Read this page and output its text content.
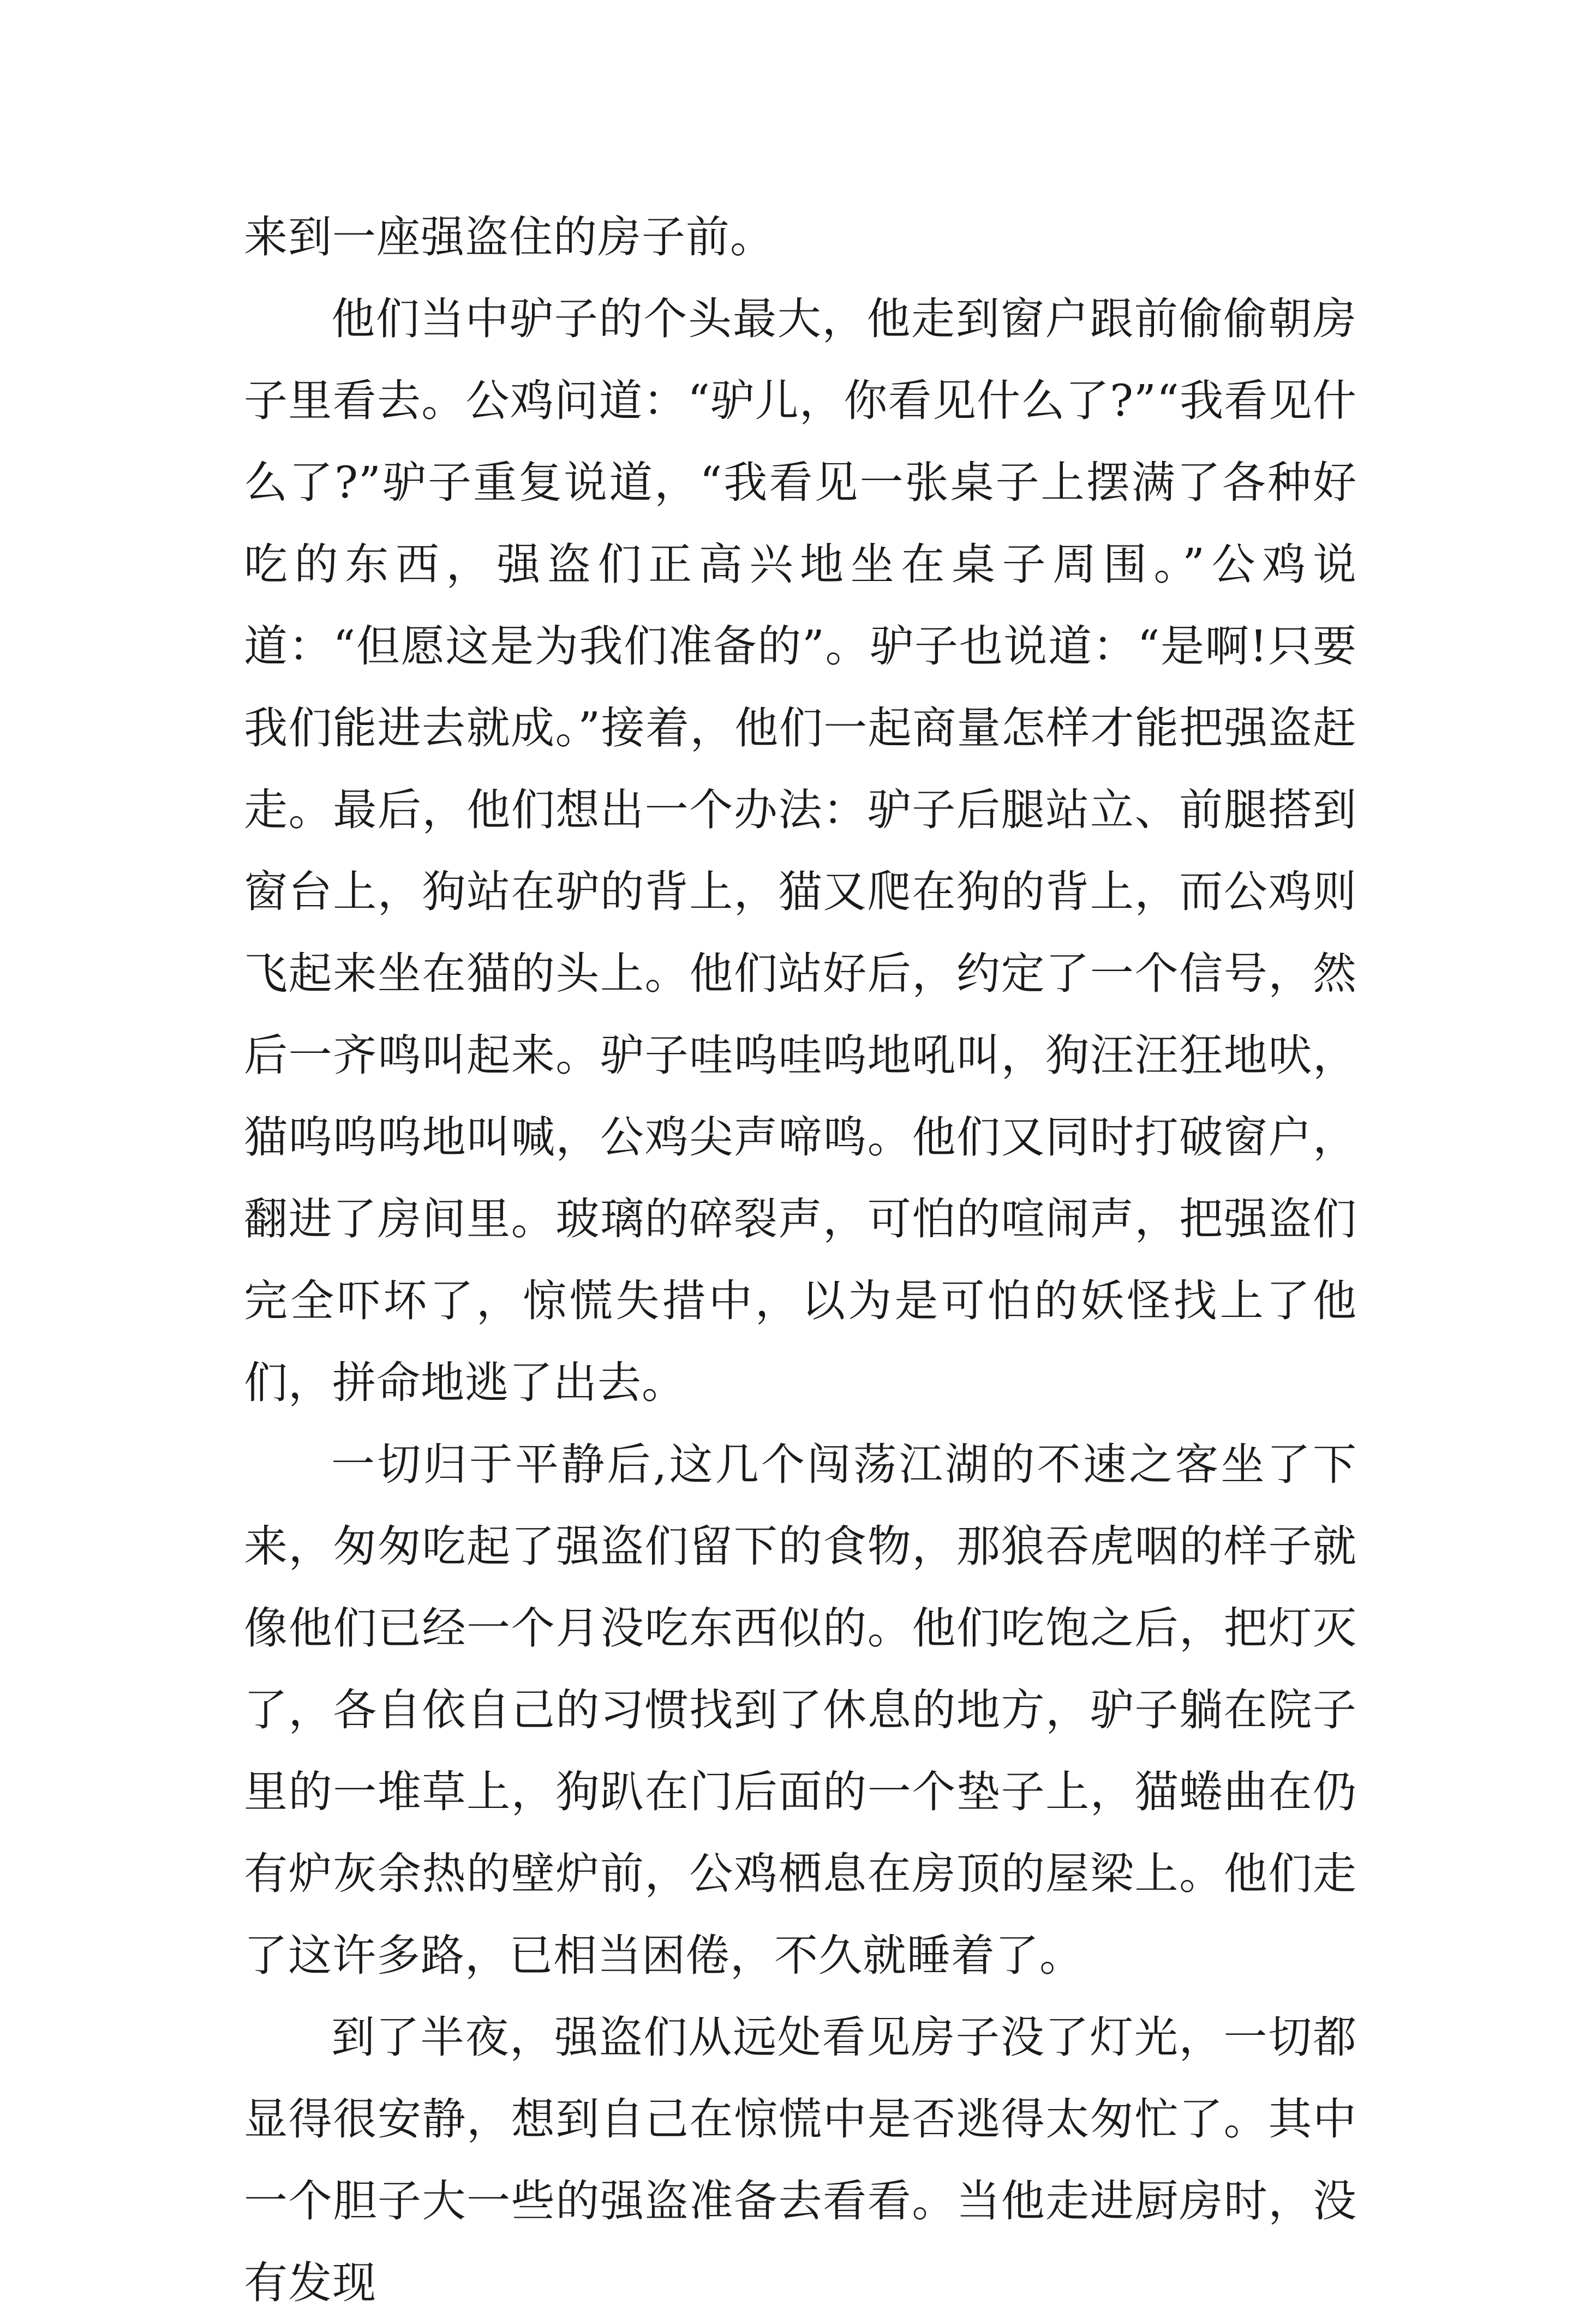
来到一座强盗住的房子前。

他们当中驴子的个头最大，他走到窗户跟前偷偷朝房子里看去。公鸡问道：“驴儿，你看见什么了?”“我看见什么了?”驴子重复说道，“我看见一张桌子上摆满了各种好吃的东西，强盗们正高兴地坐在桌子周围。”公鸡说道：“但愿这是为我们准备的”。驴子也说道：“是啊!只要我们能进去就成。”接着，他们一起商量怎样才能把强盗赶走。最后，他们想出一个办法：驴子后腿站立、前腿搭到窗台上，狗站在驴的背上，猫又爬在狗的背上，而公鸡则飞起来坐在猫的头上。他们站好后，约定了一个信号，然后一齐鸣叫起来。驴子哇呜哇呜地吼叫，狗汪汪狂地吠，猫呜呜呜地叫喊，公鸡尖声啼鸣。他们又同时打破窗户，翻进了房间里。玻璃的碎裂声，可怕的喧闹声，把强盗们完全吓坏了，惊慌失措中，以为是可怕的妖怪找上了他们，拼命地逃了出去。

一切归于平静后,这几个闯荡江湖的不速之客坐了下来，匆匆吃起了强盗们留下的食物，那狼吞虎咽的样子就像他们已经一个月没吃东西似的。他们吃饱之后，把灯灭了，各自依自己的习惯找到了休息的地方，驴子躺在院子里的一堆草上，狗趴在门后面的一个垫子上，猫蜷曲在仍有炉灰余热的壁炉前，公鸡栖息在房顶的屋梁上。他们走了这许多路，已相当困倦，不久就睡着了。

到了半夜，强盗们从远处看见房子没了灯光，一切都显得很安静，想到自己在惊慌中是否逃得太匆忙了。其中一个胆子大一些的强盗准备去看看。当他走进厨房时，没有发现
